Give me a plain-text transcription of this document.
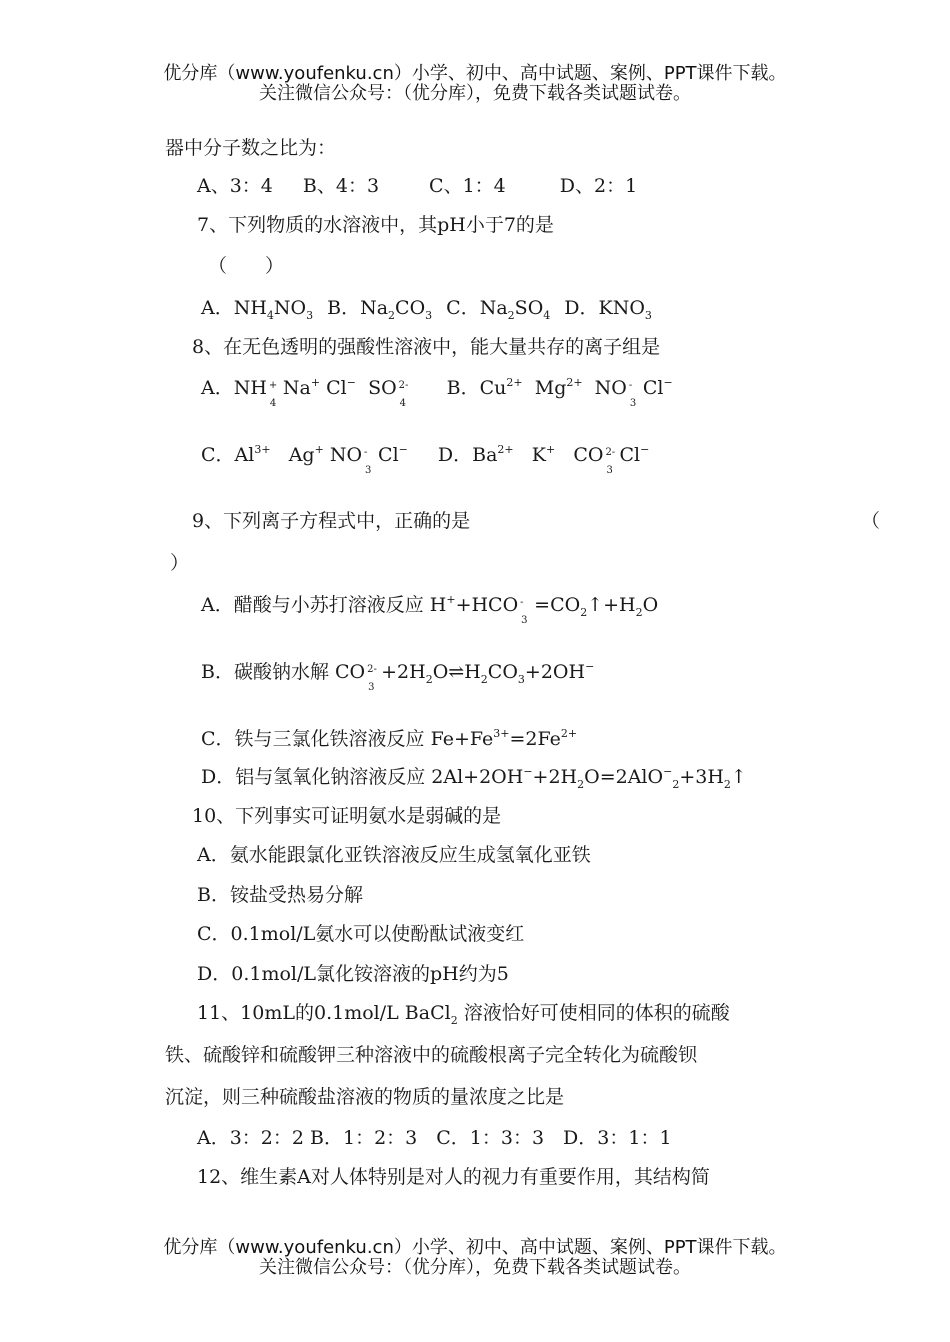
优分库（www.youfenku.cn）小学、初中、高中试题、案例、PPT课件下载。
关注微信公众号：（优分库），免费下载各类试题试卷。
器中分子数之比为：
A、3：4 B、4：3	C、1：4	D、2：1
7、下列物质的水溶液中，其pH小于7的是
（　　）
A．$NH_4NO_3$ B．$Na_2CO_3$ C．$Na_2SO_4$ D．$KNO_3$
8、在无色透明的强酸性溶液中，能大量共存的离子组是
A．NH +
4
Na+ Cl− SO 2-
4
B．$Cu^{2+}$ $Mg^{2+}$ NO -
3
Cl−
C．$Al^{3+}$ Ag+ NO -
3
Cl− D．$Ba^{2+}$ K+ CO 2-
3
Cl−
9、下列离子方程式中，正确的是	（
）
A．醋酸与小苏打溶液反应 H++HCO -
3
$=CO_2↑+H_2O$
B．碳酸钠水解 CO 2-
3
$+2H_2O\rightleftharpoons H_2CO_3+2OH^-$
C．铁与三氯化铁溶液反应 $Fe+Fe^{3+}=2Fe^{2+}$
D．铝与氢氧化钠溶液反应 $2Al+2OH^-+2H_2O=2AlO^-_2+3H_2↑$
10、下列事实可证明氨水是弱碱的是
A．氨水能跟氯化亚铁溶液反应生成氢氧化亚铁
B．铵盐受热易分解
C．0.1mol/L氨水可以使酚酞试液变红
D．0.1mol/L氯化铵溶液的pH约为5
11、10mL的0.1mol/L BaCl$_2$ 溶液恰好可使相同的体积的硫酸
铁、硫酸锌和硫酸钾三种溶液中的硫酸根离子完全转化为硫酸钡
沉淀，则三种硫酸盐溶液的物质的量浓度之比是
A．3：2：2 B．1：2：3　C．1：3：3　D．3：1：1
12、维生素A对人体特别是对人的视力有重要作用，其结构简
优分库（www.youfenku.cn）小学、初中、高中试题、案例、PPT课件下载。
关注微信公众号：（优分库），免费下载各类试题试卷。
